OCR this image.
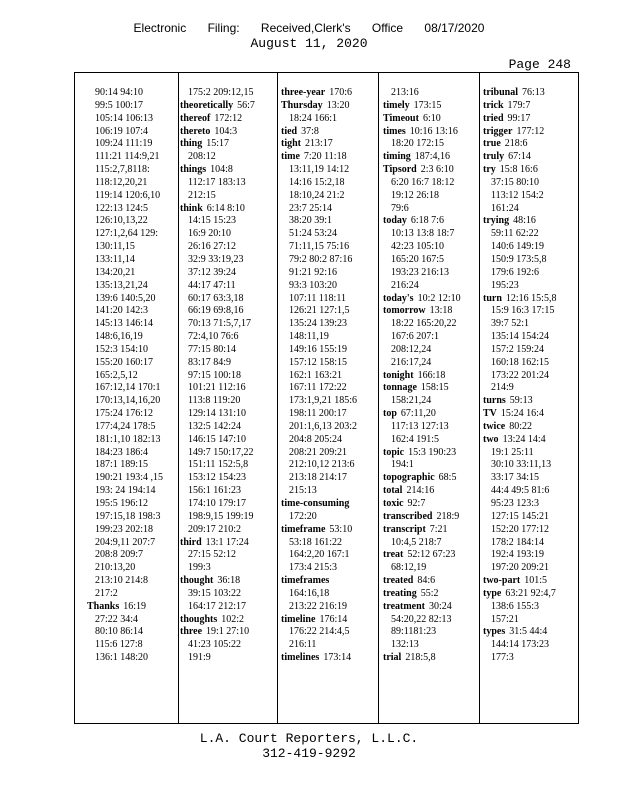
Electronic Filing: Received,Clerk's Office 08/17/2020
August 11, 2020
Page 248
90:14 94:10
99:5 100:17
105:14 106:13
106:19 107:4
109:24 111:19
111:21 114:9,21
115:2,7,8118:
118:12,20,21
119:14 120:6,10
122:13 124:5
126:10,13,22
127:1,2,64 129:
130:11,15
133:11,14
134:20,21
135:13,21,24
139:6 140:5,20
141:20 142:3
145:13 146:14
148:6,16,19
152:3 154:10
155:20 160:17
165:2,5,12
167:12,14 170:1
170:13,14,16,20
175:24 176:12
177:4,24 178:5
181:1,10 182:13
184:23 186:4
187:1 189:15
190:21 193:4 ,15
193: 24 194:14
195:5 196:12
197:15,18 198:3
199:23 202:18
204:9,11 207:7
208:8 209:7
210:13,20
213:10 214:8
217:2
Thanks 16:19
27:22 34:4
80:10 86:14
115:6 127:8
136:1 148:20
175:2 209:12,15
theoretically 56:7
thereof 172:12
thereto 104:3
thing 15:17
208:12
things 104:8
112:17 183:13
212:15
think 6:14 8:10
14:15 15:23
16:9 20:10
26:16 27:12
32:9 33:19,23
37:12 39:24
44:17 47:11
60:17 63:3,18
66:19 69:8,16
70:13 71:5,7,17
72:4,10 76:6
77:15 80:14
83:17 84:9
97:15 100:18
101:21 112:16
113:8 119:20
129:14 131:10
132:5 142:24
146:15 147:10
149:7 150:17,22
151:11 152:5,8
153:12 154:23
156:1 161:23
174:10 179:17
198:9,15 199:19
209:17 210:2
third 13:1 17:24
27:15 52:12
199:3
thought 36:18
39:15 103:22
164:17 212:17
thoughts 102:2
three 19:1 27:10
41:23 105:22
191:9
three-year 170:6
Thursday 13:20
18:24 166:1
tied 37:8
tight 213:17
time 7:20 11:18
13:11,19 14:12
14:16 15:2,18
18:10,24 21:2
23:7 25:14
38:20 39:1
51:24 53:24
71:11,15 75:16
79:2 80:2 87:16
91:21 92:16
93:3 103:20
107:11 118:11
126:21 127:1,5
135:24 139:23
148:11,19
149:16 155:19
157:12 158:15
162:1 163:21
167:11 172:22
173:1,9,21 185:6
198:11 200:17
201:1,6,13 203:2
204:8 205:24
208:21 209:21
212:10,12 213:6
213:18 214:17
215:13
time-consuming
172:20
timeframe 53:10
53:18 161:22
164:2,20 167:1
173:4 215:3
timeframes
164:16,18
213:22 216:19
timeline 176:14
176:22 214:4,5
216:11
timelines 173:14
213:16
timely 173:15
Timeout 6:10
times 10:16 13:16
18:20 172:15
timing 187:4,16
Tipsord 2:3 6:10
6:20 16:7 18:12
19:12 26:18
79:6
today 6:18 7:6
10:13 13:8 18:7
42:23 105:10
165:20 167:5
193:23 216:13
216:24
today's 10:2 12:10
tomorrow 13:18
18:22 165:20,22
167:6 207:1
208:12,24
216:17,24
tonight 166:18
tonnage 158:15
158:21,24
top 67:11,20
117:13 127:13
162:4 191:5
topic 15:3 190:23
194:1
topographic 68:5
total 214:16
toxic 92:7
transcribed 218:9
transcript 7:21
10:4,5 218:7
treat 52:12 67:23
68:12,19
treated 84:6
treating 55:2
treatment 30:24
54:20,22 82:13
89:1181:23
132:13
trial 218:5,8
tribunal 76:13
trick 179:7
tried 99:17
trigger 177:12
true 218:6
truly 67:14
try 15:8 16:6
37:15 80:10
113:12 154:2
161:24
trying 48:16
59:11 62:22
140:6 149:19
150:9 173:5,8
179:6 192:6
195:23
turn 12:16 15:5,8
15:9 16:3 17:15
39:7 52:1
135:14 154:24
157:2 159:24
160:18 162:15
173:22 201:24
214:9
turns 59:13
TV 15:24 16:4
twice 80:22
two 13:24 14:4
19:1 25:11
30:10 33:11,13
33:17 34:15
44:4 49:5 81:6
95:23 123:3
127:15 145:21
152:20 177:12
178:2 184:14
192:4 193:19
197:20 209:21
two-part 101:5
type 63:21 92:4,7
138:6 155:3
157:21
types 31:5 44:4
144:14 173:23
177:3
L.A. Court Reporters, L.L.C.
312-419-9292
